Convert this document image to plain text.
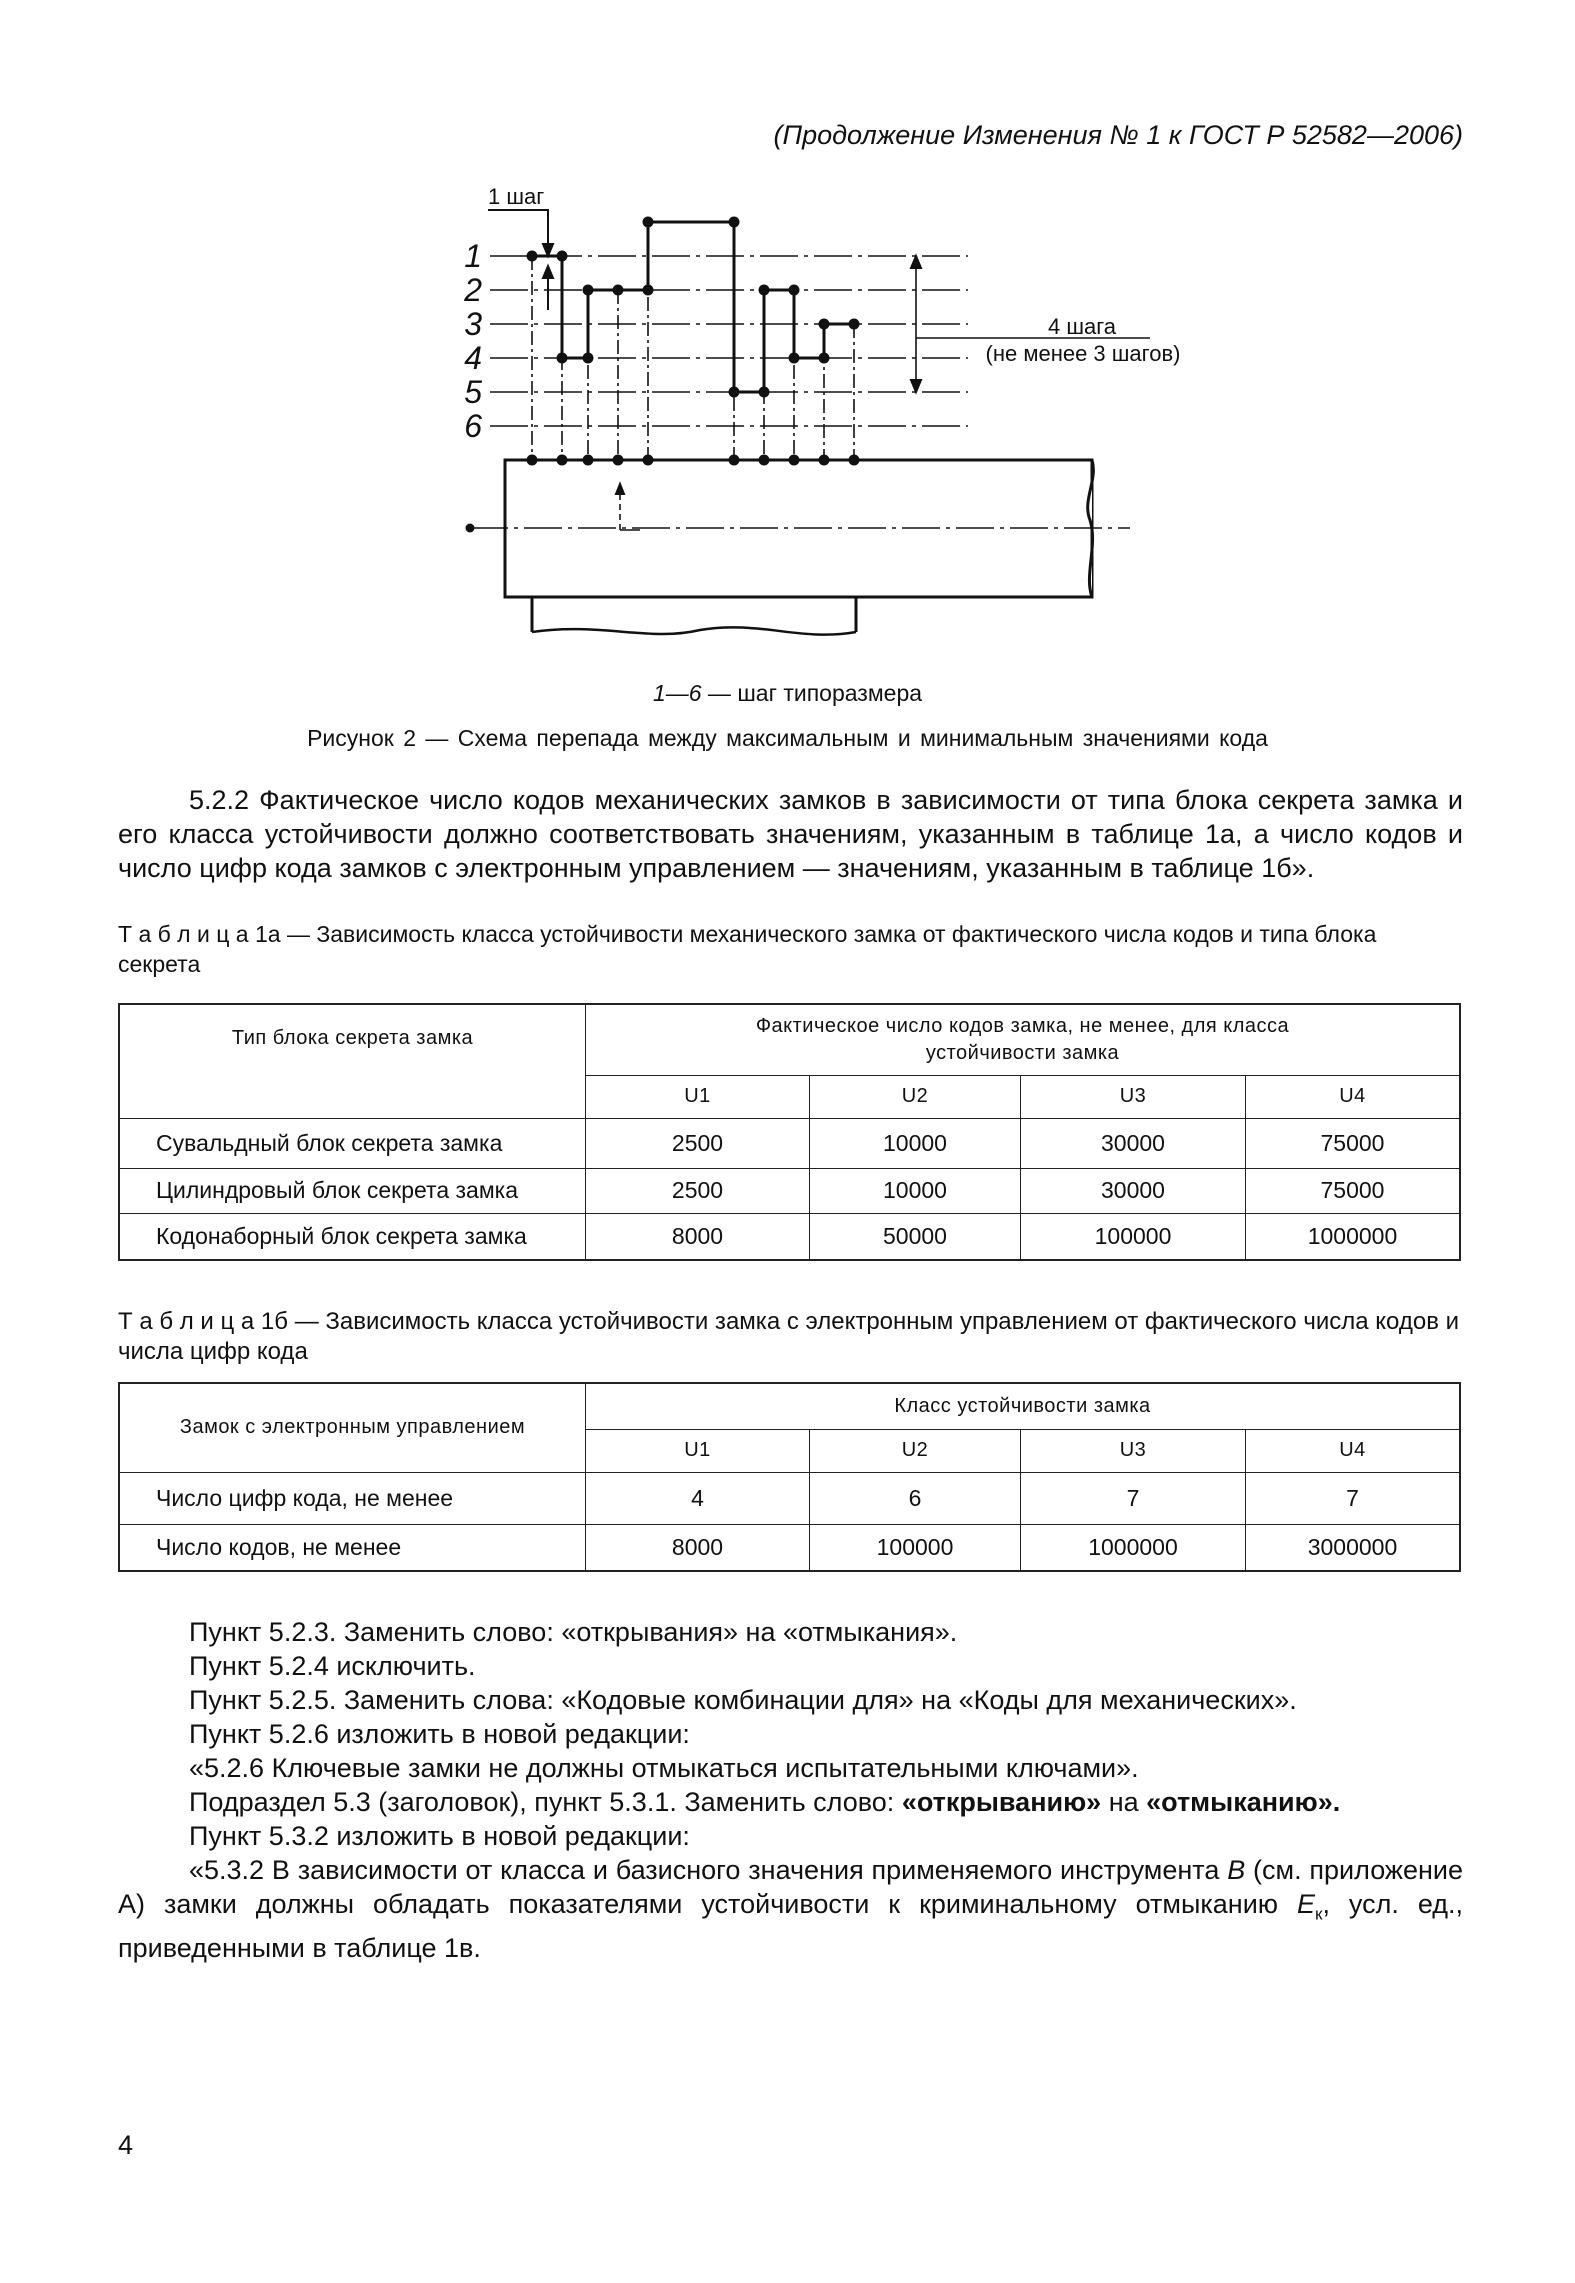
(Продолжение Изменения № 1 к ГОСТ Р 52582—2006)
1 шаг
1
2
3
4
5
6
4 шага
(не менее 3 шагов)
1—6 — шаг типоразмера
Рисунок 2 — Схема перепада между максимальным и минимальным значениями кода
5.2.2 Фактическое число кодов механических замков в зависимости от типа блока секрета замка и его класса устойчивости должно соответствовать значениям, указанным в таблице 1а, а число кодов и число цифр кода замков с электронным управлением — значениям, указанным в таблице 1б».
Т а б л и ц а 1а — Зависимость класса устойчивости механического замка от фактического числа кодов и типа блока секрета
Тип блока секрета замка	Фактическое число кодов замка, не менее, для класса устойчивости замка			
	U1	U2	U3	U4
Сувальдный блок секрета замка	2500	10000	30000	75000
Цилиндровый блок секрета замка	2500	10000	30000	75000
Кодонаборный блок секрета замка	8000	50000	100000	1000000
Т а б л и ц а 1б — Зависимость класса устойчивости замка с электронным управлением от фактического числа кодов и числа цифр кода
Замок с электронным управлением	Класс устойчивости замка			
	U1	U2	U3	U4
Число цифр кода, не менее	4	6	7	7
Число кодов, не менее	8000	100000	1000000	3000000
Пункт 5.2.3. Заменить слово: «открывания» на «отмыкания».
Пункт 5.2.4 исключить.
Пункт 5.2.5. Заменить слова: «Кодовые комбинации для» на «Коды для механических».
Пункт 5.2.6 изложить в новой редакции:
«5.2.6 Ключевые замки не должны отмыкаться испытательными ключами».
Подраздел 5.3 (заголовок), пункт 5.3.1. Заменить слово: «открыванию» на «отмыканию».
Пункт 5.3.2 изложить в новой редакции:
«5.3.2 В зависимости от класса и базисного значения применяемого инструмента B (см. приложение А) замки должны обладать показателями устойчивости к криминальному отмыканию $E_к$, усл. ед., приведенными в таблице 1в.
4
